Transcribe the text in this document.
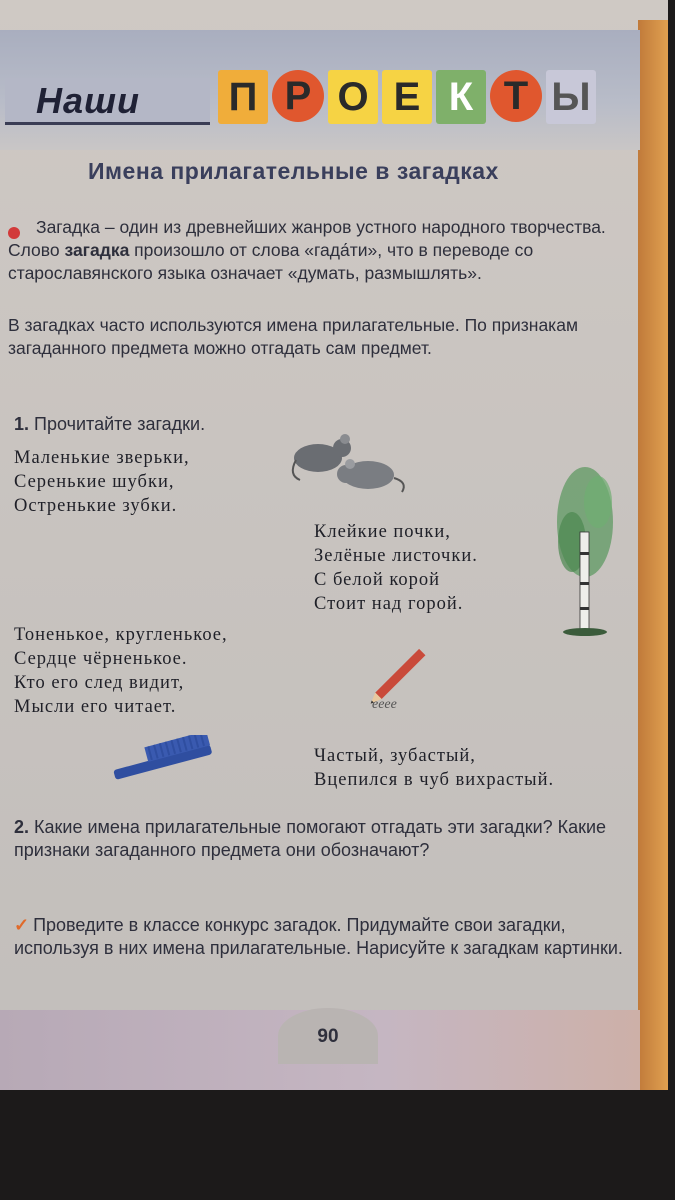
Наши П Р О Е К Т Ы
Имена прилагательные в загадках
Загадка – один из древнейших жанров устного народного творчества. Слово загадка произошло от слова «гада́ти», что в переводе со старославянского языка означает «думать, размышлять».
В загадках часто используются имена прилагательные. По признакам загаданного предмета можно отгадать сам предмет.
1. Прочитайте загадки.
Маленькие зверьки,
Серенькие шубки,
Остренькие зубки.
Клейкие почки,
Зелёные листочки.
С белой корой
Стоит над горой.
Тоненькое, кругленькое,
Сердце чёрненькое.
Кто его след видит,
Мысли его читает.	ееее
Частый, зубастый,
Вцепился в чуб вихрастый.
2. Какие имена прилагательные помогают отгадать эти загадки? Какие признаки загаданного предмета они обозначают?
✓ Проведите в классе конкурс загадок. Придумайте свои загадки, используя в них имена прилагательные. Нарисуйте к загадкам картинки.
90
